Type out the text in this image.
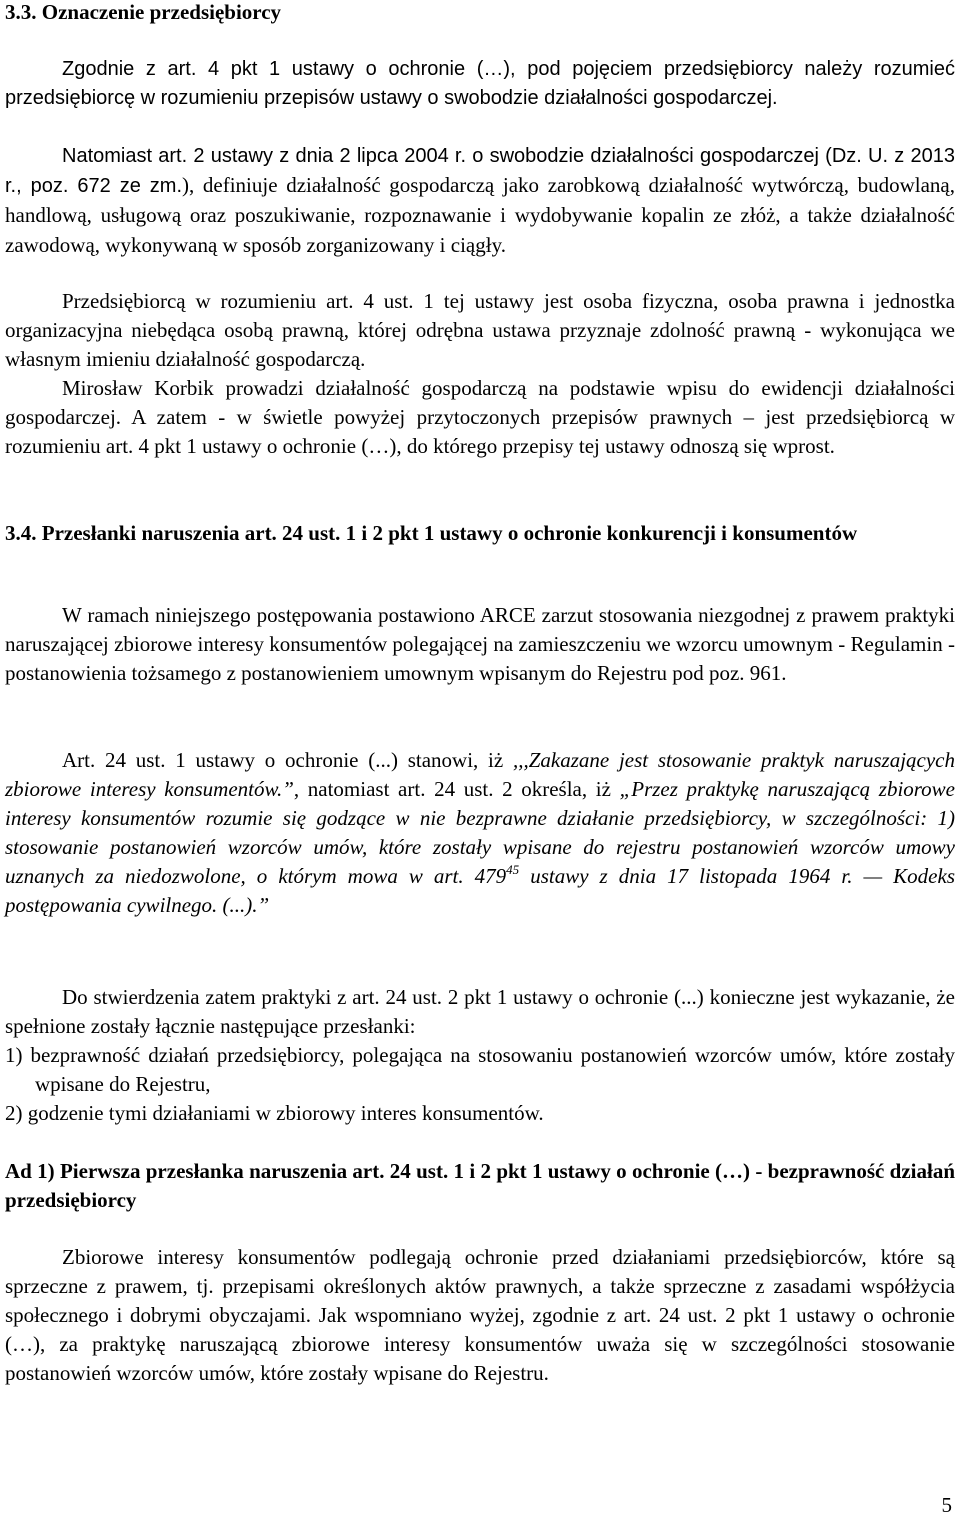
3.3. Oznaczenie przedsiębiorcy

Zgodnie z art. 4 pkt 1 ustawy o ochronie (…), pod pojęciem przedsiębiorcy należy rozumieć przedsiębiorcę w rozumieniu przepisów ustawy o swobodzie działalności gospodarczej.

Natomiast art. 2 ustawy z dnia 2 lipca 2004 r. o swobodzie działalności gospodarczej (Dz. U. z 2013 r., poz. 672 ze zm.), definiuje działalność gospodarczą jako zarobkową działalność wytwórczą, budowlaną, handlową, usługową oraz poszukiwanie, rozpoznawanie i wydobywanie kopalin ze złóż, a także działalność zawodową, wykonywaną w sposób zorganizowany i ciągły.

Przedsiębiorcą w rozumieniu art. 4 ust. 1 tej ustawy jest osoba fizyczna, osoba prawna i jednostka organizacyjna niebędąca osobą prawną, której odrębna ustawa przyznaje zdolność prawną - wykonująca we własnym imieniu działalność gospodarczą.

Mirosław Korbik prowadzi działalność gospodarczą na podstawie wpisu do ewidencji działalności gospodarczej. A zatem - w świetle powyżej przytoczonych przepisów prawnych – jest przedsiębiorcą w rozumieniu art. 4 pkt 1 ustawy o ochronie (…), do którego przepisy tej ustawy odnoszą się wprost.

3.4. Przesłanki naruszenia art. 24 ust. 1 i 2 pkt 1 ustawy o ochronie konkurencji i konsumentów

W ramach niniejszego postępowania postawiono ARCE zarzut stosowania niezgodnej z prawem praktyki naruszającej zbiorowe interesy konsumentów polegającej na zamieszczeniu we wzorcu umownym - Regulamin - postanowienia tożsamego z postanowieniem umownym wpisanym do Rejestru pod poz. 961.

Art. 24 ust. 1 ustawy o ochronie (...) stanowi, iż ,,,Zakazane jest stosowanie praktyk naruszających zbiorowe interesy konsumentów.”, natomiast art. 24 ust. 2 określa, iż „Przez praktykę naruszającą zbiorowe interesy konsumentów rozumie się godzące w nie bezprawne działanie przedsiębiorcy, w szczególności: 1) stosowanie postanowień wzorców umów, które zostały wpisane do rejestru postanowień wzorców umowy uznanych za niedozwolone, o którym mowa w art. $479^{45}$ ustawy z dnia 17 listopada 1964 r. — Kodeks postępowania cywilnego. (...).”

Do stwierdzenia zatem praktyki z art. 24 ust. 2 pkt 1 ustawy o ochronie (...) konieczne jest wykazanie, że spełnione zostały łącznie następujące przesłanki:

1) bezprawność działań przedsiębiorcy, polegająca na stosowaniu postanowień wzorców umów, które zostały wpisane do Rejestru,
2) godzenie tymi działaniami w zbiorowy interes konsumentów.
Ad 1) Pierwsza przesłanka naruszenia art. 24 ust. 1 i 2 pkt 1 ustawy o ochronie (…) - bezprawność działań przedsiębiorcy

Zbiorowe interesy konsumentów podlegają ochronie przed działaniami przedsiębiorców, które są sprzeczne z prawem, tj. przepisami określonych aktów prawnych, a także sprzeczne z zasadami współżycia społecznego i dobrymi obyczajami. Jak wspomniano wyżej, zgodnie z art. 24 ust. 2 pkt 1 ustawy o ochronie (…), za praktykę naruszającą zbiorowe interesy konsumentów uważa się w szczególności stosowanie postanowień wzorców umów, które zostały wpisane do Rejestru.

5
